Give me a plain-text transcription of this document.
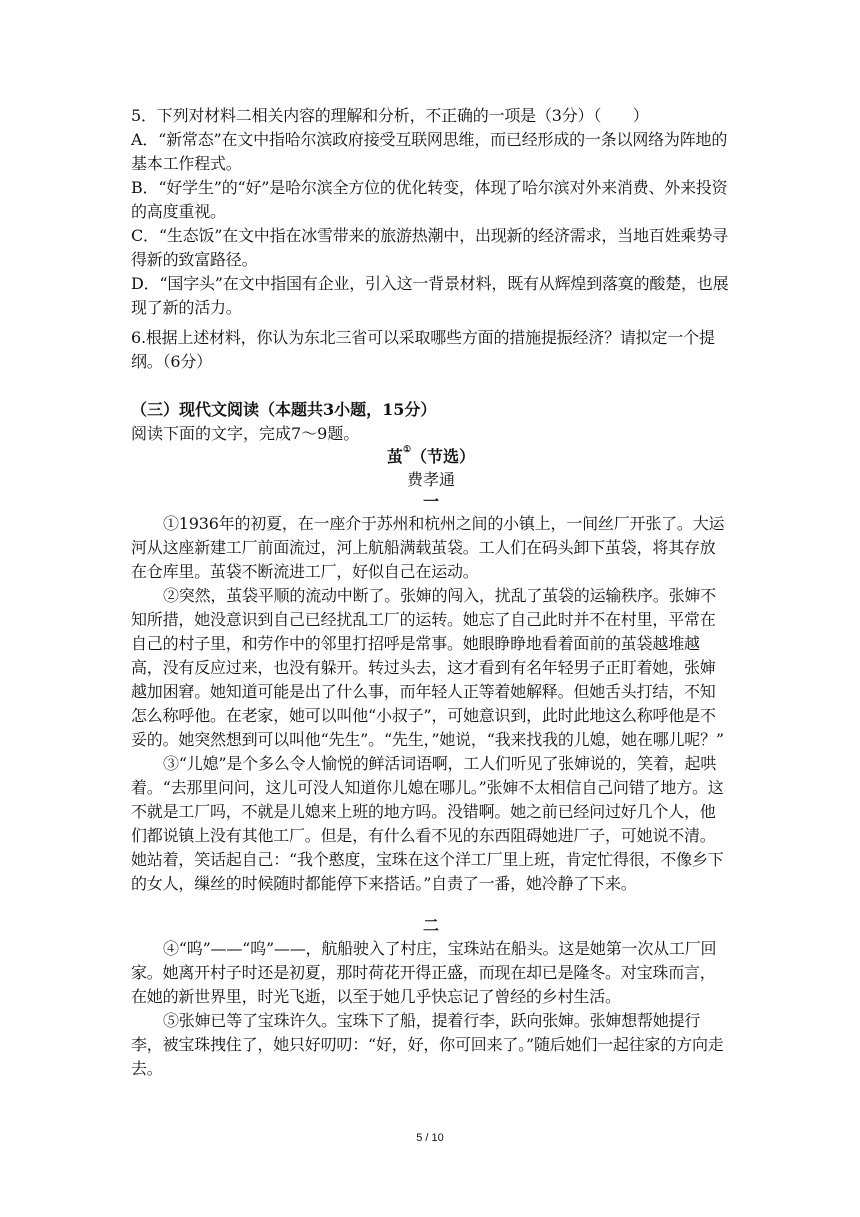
5．下列对材料二相关内容的理解和分析，不正确的一项是（3分）（　　）

A．“新常态”在文中指哈尔滨政府接受互联网思维，而已经形成的一条以网络为阵地的基本工作程式。

B．“好学生”的“好”是哈尔滨全方位的优化转变，体现了哈尔滨对外来消费、外来投资的高度重视。

C．“生态饭”在文中指在冰雪带来的旅游热潮中，出现新的经济需求，当地百姓乘势寻得新的致富路径。

D．“国字头”在文中指国有企业，引入这一背景材料，既有从辉煌到落寞的酸楚，也展现了新的活力。

6.根据上述材料，你认为东北三省可以采取哪些方面的措施提振经济？请拟定一个提纲。（6分）

（三）现代文阅读（本题共3小题，15分）

阅读下面的文字，完成7～9题。

茧①（节选）
费孝通
一

①1936年的初夏，在一座介于苏州和杭州之间的小镇上，一间丝厂开张了。大运河从这座新建工厂前面流过，河上航船满载茧袋。工人们在码头卸下茧袋，将其存放在仓库里。茧袋不断流进工厂，好似自己在运动。

②突然，茧袋平顺的流动中断了。张婶的闯入，扰乱了茧袋的运输秩序。张婶不知所措，她没意识到自己已经扰乱工厂的运转。她忘了自己此时并不在村里，平常在自己的村子里，和劳作中的邻里打招呼是常事。她眼睁睁地看着面前的茧袋越堆越高，没有反应过来，也没有躲开。转过头去，这才看到有名年轻男子正盯着她，张婶越加困窘。她知道可能是出了什么事，而年轻人正等着她解释。但她舌头打结，不知怎么称呼他。在老家，她可以叫他“小叔子”，可她意识到，此时此地这么称呼他是不妥的。她突然想到可以叫他“先生”。“先生，”她说，“我来找我的儿媳，她在哪儿呢？”

③“儿媳”是个多么令人愉悦的鲜活词语啊，工人们听见了张婶说的，笑着，起哄着。“去那里问问，这儿可没人知道你儿媳在哪儿。”张婶不太相信自己问错了地方。这不就是工厂吗，不就是儿媳来上班的地方吗。没错啊。她之前已经问过好几个人，他们都说镇上没有其他工厂。但是，有什么看不见的东西阻碍她进厂子，可她说不清。她站着，笑话起自己：“我个憨度，宝珠在这个洋工厂里上班，肯定忙得很，不像乡下的女人，缫丝的时候随时都能停下来搭话。”自责了一番，她冷静了下来。

二

④“呜”——“呜”——，航船驶入了村庄，宝珠站在船头。这是她第一次从工厂回家。她离开村子时还是初夏，那时荷花开得正盛，而现在却已是隆冬。对宝珠而言，在她的新世界里，时光飞逝，以至于她几乎快忘记了曾经的乡村生活。

⑤张婶已等了宝珠许久。宝珠下了船，提着行李，跃向张婶。张婶想帮她提行李，被宝珠拽住了，她只好叨叨：“好，好，你可回来了。”随后她们一起往家的方向走去。

5 / 10
